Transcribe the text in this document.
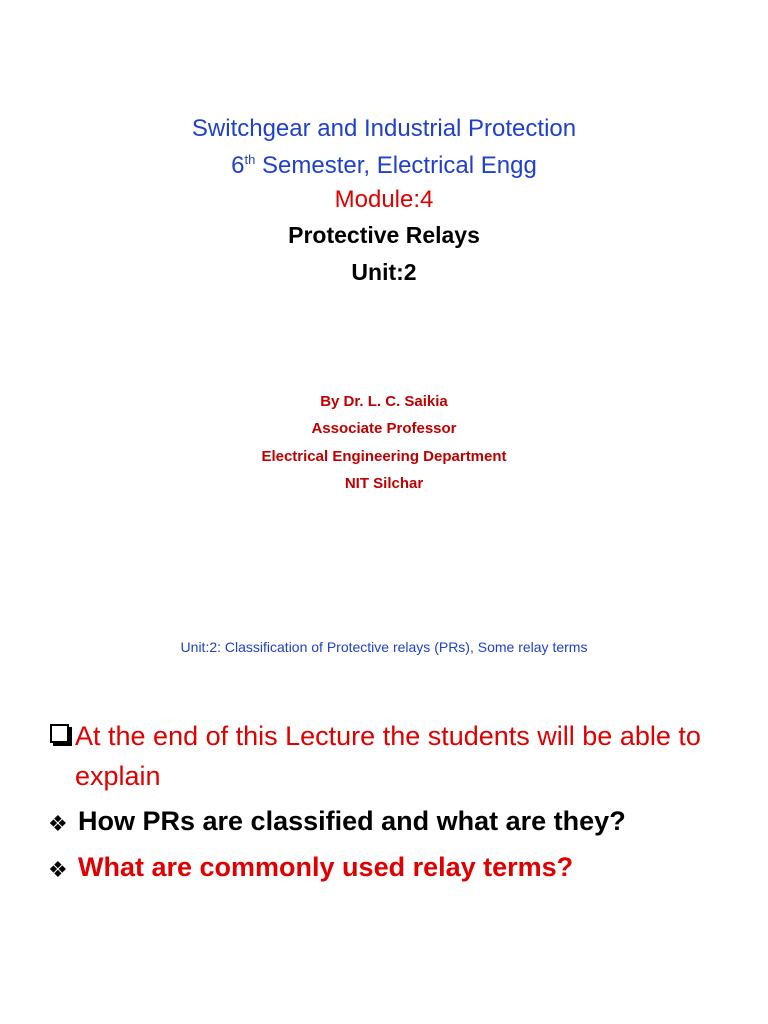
Switchgear and Industrial Protection
6th Semester, Electrical Engg
Module:4
Protective Relays
Unit:2
By Dr. L. C. Saikia
Associate Professor
Electrical Engineering Department
NIT Silchar
Unit:2: Classification of Protective relays (PRs), Some relay terms
At the end of this Lecture the students will be able to explain
❖ How PRs are classified and what are they?
❖ What are commonly used relay terms?
